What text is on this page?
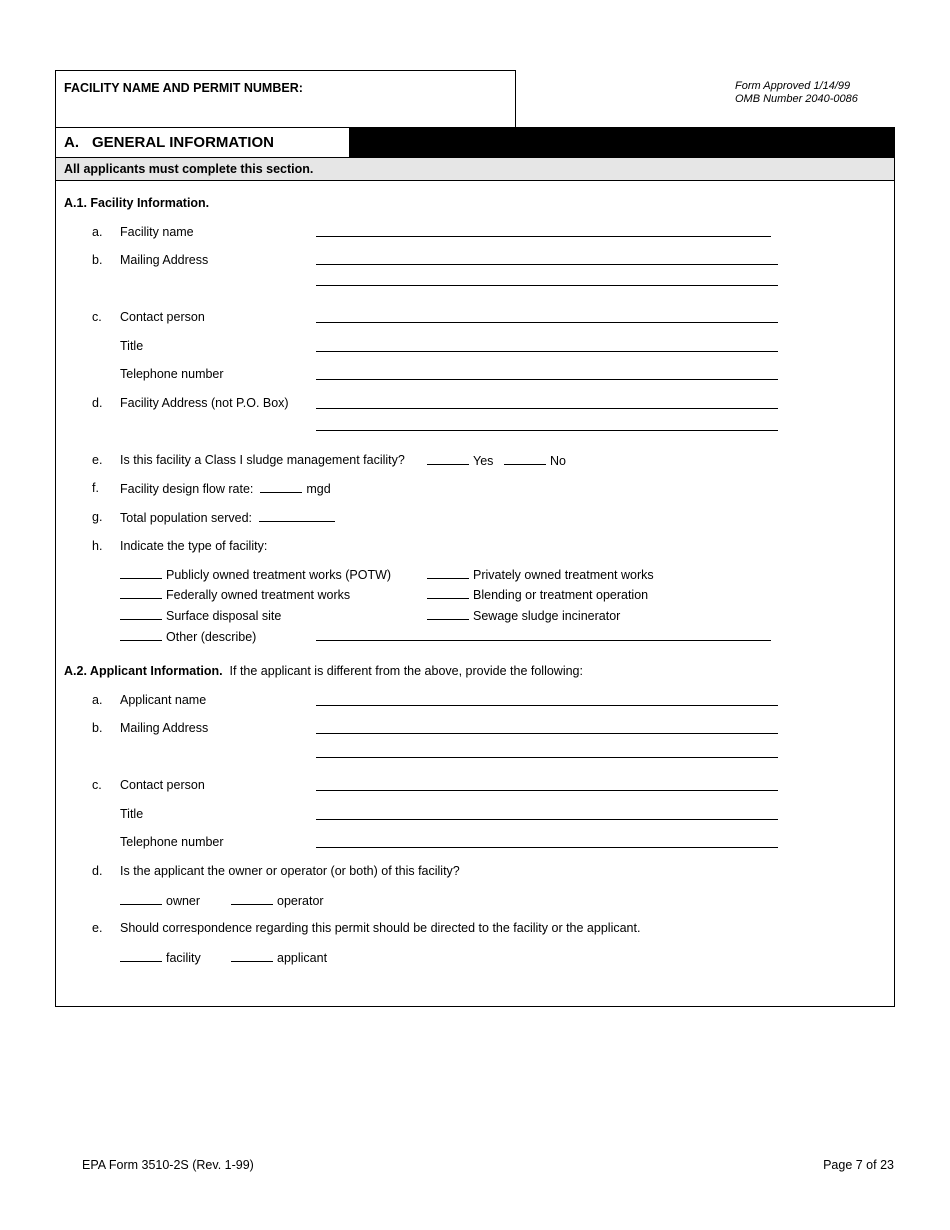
FACILITY NAME AND PERMIT NUMBER:	Form Approved 1/14/99
OMB Number 2040-0086
A. GENERAL INFORMATION
All applicants must complete this section.
A.1. Facility Information.
a. Facility name
b. Mailing Address
c. Contact person
Title
Telephone number
d. Facility Address (not P.O. Box)
e. Is this facility a Class I sludge management facility?	Yes	No
f. Facility design flow rate:	mgd
g. Total population served:
h. Indicate the type of facility:
Publicly owned treatment works (POTW)	Privately owned treatment works
Federally owned treatment works	Blending or treatment operation
Surface disposal site	Sewage sludge incinerator
Other (describe)
A.2. Applicant Information. If the applicant is different from the above, provide the following:
a. Applicant name
b. Mailing Address
c. Contact person
Title
Telephone number
d. Is the applicant the owner or operator (or both) of this facility?
owner	operator
e. Should correspondence regarding this permit should be directed to the facility or the applicant.
facility	applicant
EPA Form 3510-2S (Rev. 1-99)	Page 7 of 23
